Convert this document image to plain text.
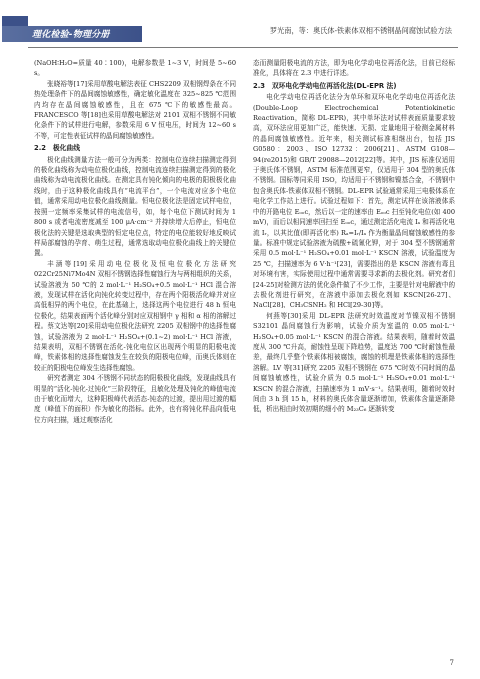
理化检验-物理分册	罗光南，等：奥氏体-铁素体双相不锈钢晶间腐蚀试验方法

(NaOH∶H₂O=质量 40∶100)，电解参数是 1~3 V，时间是 5~60 s。

张晓裕等[17]采用草酸电解法表征 CHS2209 双相钢焊条在不同热处理条件下的晶间腐蚀敏感性，确定敏化温度在 325~825 ℃范围内均存在晶间腐蚀敏感性，且在 675 ℃下的敏感性最高。FRANCESCO 等[18]也采用草酸电解法对 2101 双相不锈钢不同敏化条件下的试样进行电解，参数采用 6 V 恒电压，时间为 12~60 s 不等，可定性表征试样的晶间腐蚀敏感性。

2.2　极化曲线

极化曲线测量方法一般可分为两类：控制电位连续扫描测定得到的极化曲线称为动电位极化曲线，控制电流连续扫描测定得到的极化曲线称为动电流极化曲线。在测定具有钝化倾向的电极的阳极极化曲线时，由于这种极化曲线具有“电流平台”，一个电流对应多个电位值，通常采用动电位极化曲线测量。恒电位极化法是固定试样电位，按照一定频率采集试样的电流信号，如，每个电位下测试时间为 1 800 s 或者电流密度减至 100 μA·cm⁻² 并持续增大后停止，恒电位极化法的关键是选取典型的恒定电位点，特定的电位能较好地反映试样局部腐蚀的孕育、萌生过程，通常选取动电位极化曲线上的关键位置。

丰涵等[19]采用动电位极化及恒电位极化方法研究 022Cr25Ni7Mo4N 双相不锈钢选择性腐蚀行为与两相组织的关系，试验溶液为 50 ℃的 2 mol·L⁻¹ H₂SO₄+0.5 mol·L⁻¹ HCl 混合溶液，发现试样在活化向钝化转变过程中，存在两个阳极活化峰并对应高低相异的两个电位，在此基础上，选择这两个电位进行 48 h 恒电位极化，结果表面两个活化峰分别对应双相钢中 γ 相和 α 相的溶解过程。蔡文达等[20]采用动电位极化法研究 2205 双相钢中的选择性腐蚀，试验溶液为 2 mol·L⁻¹ H₂SO₄+(0.1~2) mol·L⁻¹ HCl 溶液，结果表明，双相不锈钢在活化-钝化电位区出现两个明显的阳极电流峰，铁素体相的选择性腐蚀发生在较负的阳极电位峰，而奥氏体则在较正的阳极电位峰发生选择性腐蚀。

研究者测定 304 不锈钢不同状态的阳极极化曲线，发现曲线具有明显的“活化-钝化-过钝化”三阶段特征，且敏化处理及钝化的峰值电流由于敏化而增大，这种阳极峰代表活态-钝态的过渡，提出用过渡的幅度（峰值下的面积）作为敏化的指标。此外，也有将钝化样品向低电位方向扫描，通过观察活化

态而测量阳极电流的方法，即为电化学动电位再活化法，目前已经标准化，具体将在 2.3 中进行详述。

2.3　双环电化学动电位再活化法(DL-EPR 法)

电化学动电位再活化法分为单环和双环电化学动电位再活化法(Double-Loop Electrochemical Potentiokinetic Reactivation，简称 DL-EPR)，其中单环法对试样表面质量要求较高，双环法应用更加广泛，能快速、无损、定量地用于检测金属材料的晶间腐蚀敏感性。近年来，相关测试标准相继出台，包括 JIS G0580：2003、ISO 12732：2006[21]、ASTM G108—94(re2015)和 GB/T 29088—2012[22]等。其中，JIS 标准仅适用于奥氏体不锈钢，ASTM 标准范围更窄，仅适用于 304 型的奥氏体不锈钢。国标等同采用 ISO，均适用于不锈钢和镍基合金，不锈钢中包含奥氏体-铁素体双相不锈钢。DL-EPR 试验通常采用三电极体系在电化学工作站上进行。试验过程如下：首先，测定试样在该溶液体系中的开路电位 Eₒₒᴄ，然后以一定的速率由 Eₒₒᴄ 扫至钝化电位(如 400 mV)，而后以相同速率回扫至 Eₒₒᴄ，通过测定活化电流 Iₐ 和再活化电流 Iᵣ，以其比值(即再活化率) Rₐ=Iᵣ/Iₐ 作为衡量晶间腐蚀敏感性的参量。标准中规定试验溶液为硫酸+硫氰化钾，对于 304 型不锈钢通常采用 0.5 mol·L⁻¹ H₂SO₄+0.01 mol·L⁻¹ KSCN 溶液，试验温度为 25 ℃，扫描速率为 6 V·h⁻¹[23]，需要指出的是 KSCN 溶液有毒且对环境有害，实际使用过程中通常需要寻求新的去极化剂。研究者们[24-25]对检测方法的优化条件做了不少工作，主要是针对电解液中的去极化剂进行研究，在溶液中添加去极化剂如 KSCN[26-27]、NaCl[28]、CH₃CSNH₂ 和 HCl[29-30]等。

何燕等[30]采用 DL-EPR 法研究时效温度对节镍双相不锈钢 S32101 晶间腐蚀行为影响，试验介质为室温的 0.05 mol·L⁻¹ H₂SO₄+0.05 mol·L⁻¹ KSCN 的混合溶液。结果表明，随着时效温度从 300 ℃升高，耐蚀性呈现下降趋势，温度达 700 ℃时耐蚀性最差，最终几乎整个铁素体相被腐蚀，腐蚀的机理是铁素体相的选择性溶解。LV 等[31]研究 2205 双相不锈钢在 675 ℃时效不同时间的晶间腐蚀敏感性，试验介质为 0.5 mol·L⁻¹ H₂SO₄+0.01 mol·L⁻¹ KSCN 的混合溶液，扫描速率为 1 mV·s⁻¹。结果表明，随着时效时间由 3 h 到 15 h，材料的奥氏体含量逐渐增加，铁素体含量逐渐降低，析出相由时效初期的细小的 M₂₃C₆ 逐渐转变

7
